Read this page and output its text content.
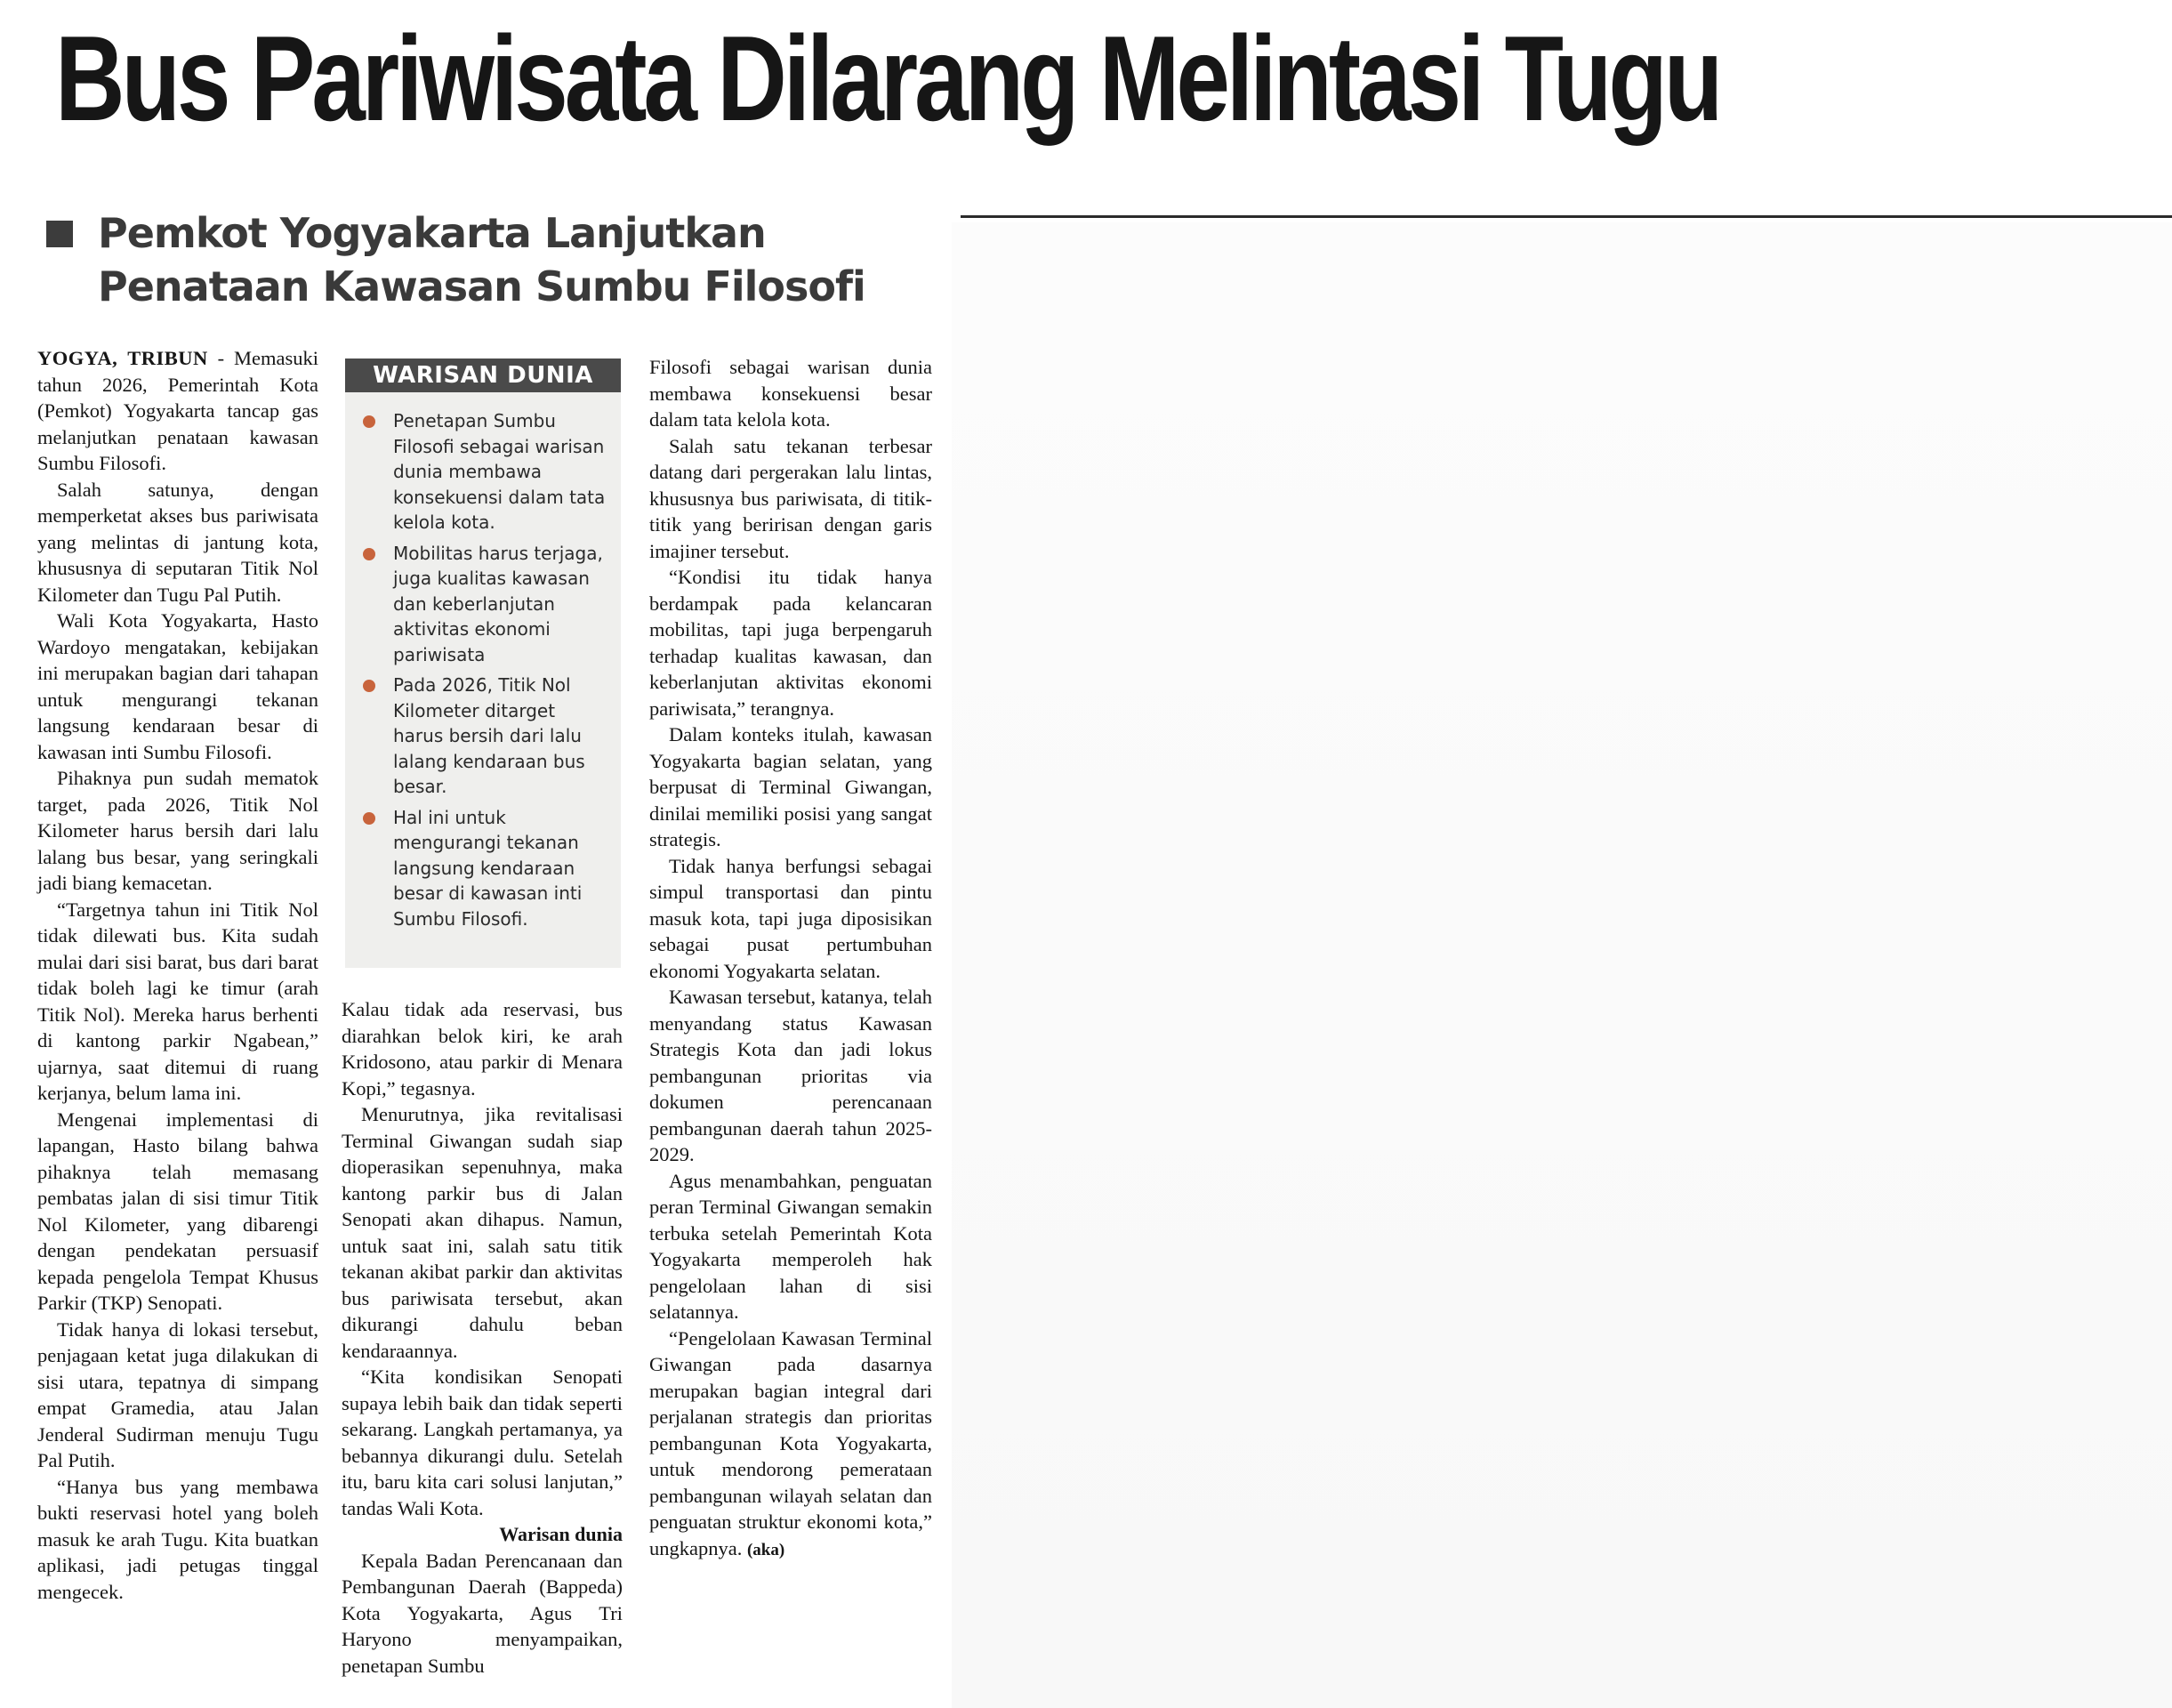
Bus Pariwisata Dilarang Melintasi Tugu
Pemkot Yogyakarta Lanjutkan
Penataan Kawasan Sumbu Filosofi

YOGYA, TRIBUN - Memasuki tahun 2026, Pemerintah Kota (Pemkot) Yogyakarta tancap gas melanjutkan penataan kawasan Sumbu Filosofi.

Salah satunya, dengan memperketat akses bus pariwisata yang melintas di jantung kota, khususnya di seputaran Titik Nol Kilometer dan Tugu Pal Putih.

Wali Kota Yogyakarta, Hasto Wardoyo mengatakan, kebijakan ini merupakan bagian dari tahapan untuk mengurangi tekanan langsung kendaraan besar di kawasan inti Sumbu Filosofi.

Pihaknya pun sudah mematok target, pada 2026, Titik Nol Kilometer harus bersih dari lalu lalang bus besar, yang seringkali jadi biang kemacetan.

“Targetnya tahun ini Titik Nol tidak dilewati bus. Kita sudah mulai dari sisi barat, bus dari barat tidak boleh lagi ke timur (arah Titik Nol). Mereka harus berhenti di kantong parkir Ngabean,” ujarnya, saat ditemui di ruang kerjanya, belum lama ini.

Mengenai implementasi di lapangan, Hasto bilang bahwa pihaknya telah memasang pembatas jalan di sisi timur Titik Nol Kilometer, yang dibarengi dengan pendekatan persuasif kepada pengelola Tempat Khusus Parkir (TKP) Senopati.

Tidak hanya di lokasi tersebut, penjagaan ketat juga dilakukan di sisi utara, tepatnya di simpang empat Gramedia, atau Jalan Jenderal Sudirman menuju Tugu Pal Putih.

“Hanya bus yang membawa bukti reservasi hotel yang boleh masuk ke arah Tugu. Kita buatkan aplikasi, jadi petugas tinggal mengecek.

WARISAN DUNIA
Penetapan Sumbu Filosofi sebagai warisan dunia membawa konsekuensi dalam tata kelola kota.
Mobilitas harus terjaga, juga kualitas kawasan dan keberlanjutan aktivitas ekonomi pariwisata
Pada 2026, Titik Nol Kilometer ditarget harus bersih dari lalu lalang kendaraan bus besar.
Hal ini untuk mengurangi tekanan langsung kendaraan besar di kawasan inti Sumbu Filosofi.

Kalau tidak ada reservasi, bus diarahkan belok kiri, ke arah Kridosono, atau parkir di Menara Kopi,” tegasnya.

Menurutnya, jika revitalisasi Terminal Giwangan sudah siap dioperasikan sepenuhnya, maka kantong parkir bus di Jalan Senopati akan dihapus. Namun, untuk saat ini, salah satu titik tekanan akibat parkir dan aktivitas bus pariwisata tersebut, akan dikurangi dahulu beban kendaraannya.

“Kita kondisikan Senopati supaya lebih baik dan tidak seperti sekarang. Langkah pertamanya, ya bebannya dikurangi dulu. Setelah itu, baru kita cari solusi lanjutan,” tandas Wali Kota.

Warisan dunia

Kepala Badan Perencanaan dan Pembangunan Daerah (Bappeda) Kota Yogyakarta, Agus Tri Haryono menyampaikan, penetapan Sumbu

Filosofi sebagai warisan dunia membawa konsekuensi besar dalam tata kelola kota.

Salah satu tekanan terbesar datang dari pergerakan lalu lintas, khususnya bus pariwisata, di titik-titik yang beririsan dengan garis imajiner tersebut.

“Kondisi itu tidak hanya berdampak pada kelancaran mobilitas, tapi juga berpengaruh terhadap kualitas kawasan, dan keberlanjutan aktivitas ekonomi pariwisata,” terangnya.

Dalam konteks itulah, kawasan Yogyakarta bagian selatan, yang berpusat di Terminal Giwangan, dinilai memiliki posisi yang sangat strategis.

Tidak hanya berfungsi sebagai simpul transportasi dan pintu masuk kota, tapi juga diposisikan sebagai pusat pertumbuhan ekonomi Yogyakarta selatan.

Kawasan tersebut, katanya, telah menyandang status Kawasan Strategis Kota dan jadi lokus pembangunan prioritas via dokumen perencanaan pembangunan daerah tahun 2025-2029.

Agus menambahkan, penguatan peran Terminal Giwangan semakin terbuka setelah Pemerintah Kota Yogyakarta memperoleh hak pengelolaan lahan di sisi selatannya.

“Pengelolaan Kawasan Terminal Giwangan pada dasarnya merupakan bagian integral dari perjalanan strategis dan prioritas pembangunan Kota Yogyakarta, untuk mendorong pemerataan pembangunan wilayah selatan dan penguatan struktur ekonomi kota,” ungkapnya. (aka)
